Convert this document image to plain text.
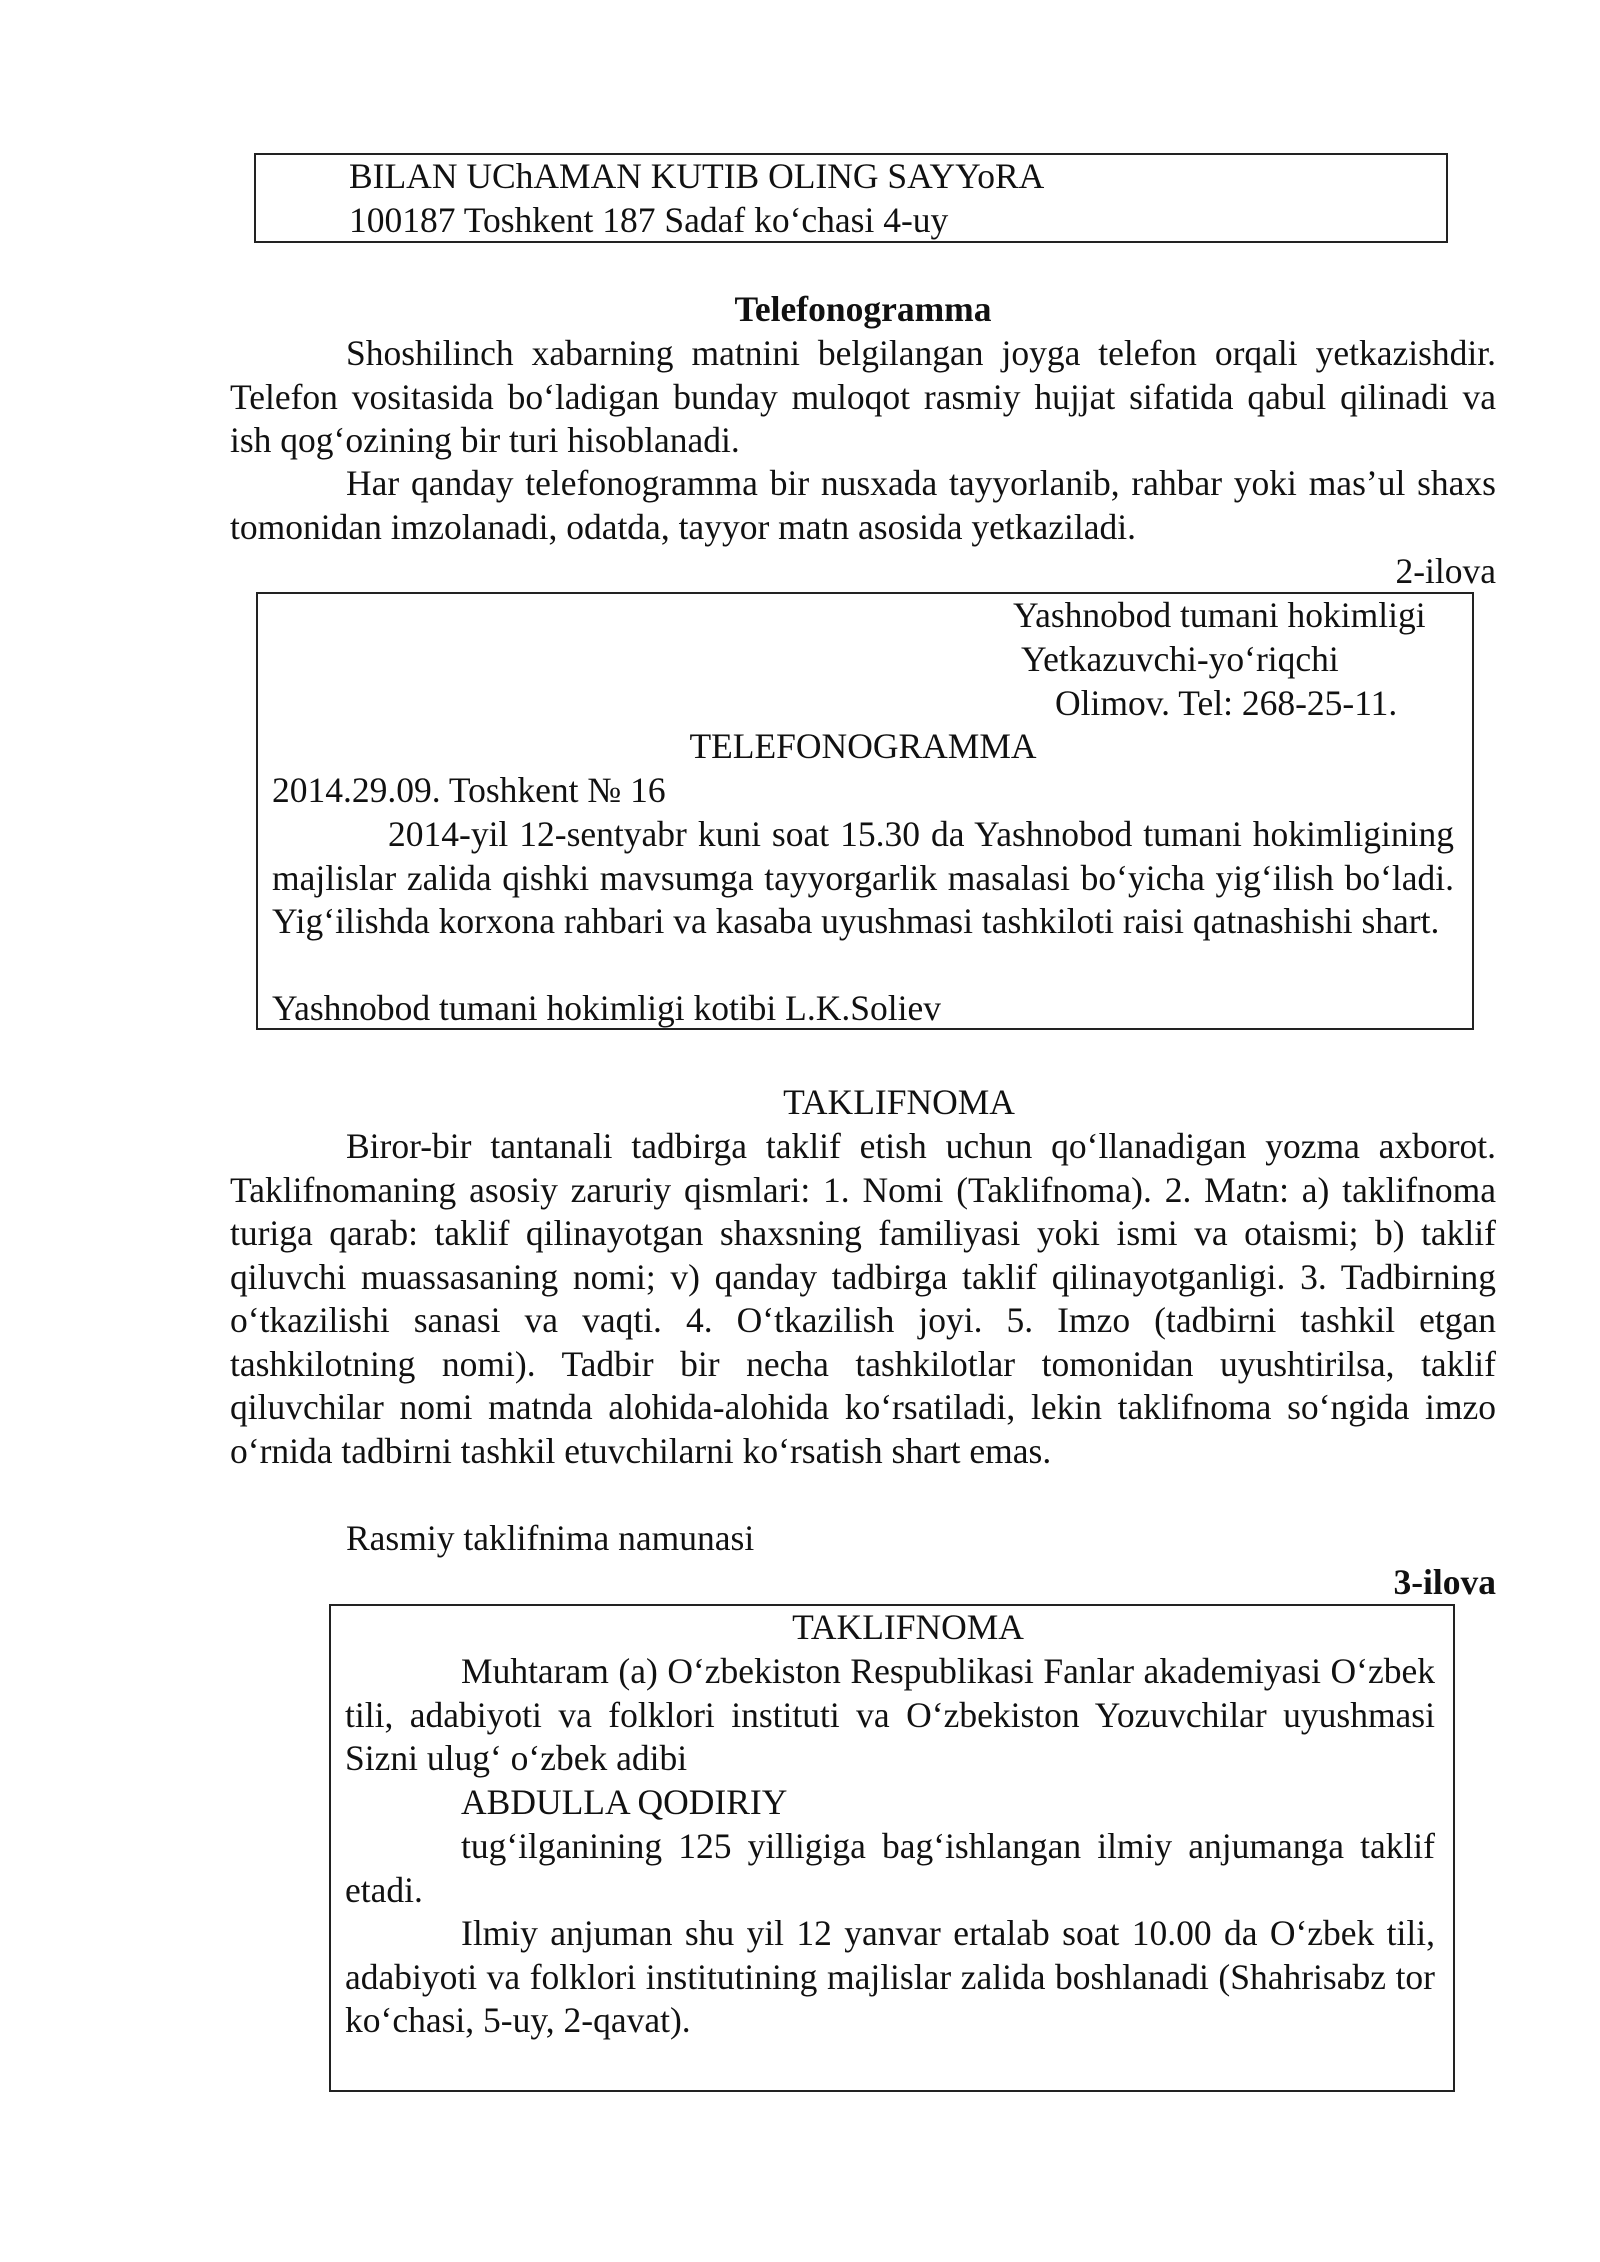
BILAN UChAMAN KUTIB OLING SAYYoRA
100187 Toshkent 187 Sadaf ko‘chasi 4-uy
Telefonogramma

Shoshilinch xabarning matnini belgilangan joyga telefon orqali yetkazishdir. Telefon vositasida bo‘ladigan bunday muloqot rasmiy hujjat sifatida qabul qilinadi va ish qog‘ozining bir turi hisoblanadi.

Har qanday telefonogramma bir nusxada tayyorlanib, rahbar yoki mas’ul shaxs tomonidan imzolanadi, odatda, tayyor matn asosida yetkaziladi.

2-ilova
Yashnobod tumani hokimligi
Yetkazuvchi-yo‘riqchi
Olimov. Tel: 268-25-11.
TELEFONOGRAMMA
2014.29.09. Toshkent № 16

2014-yil 12-sentyabr kuni soat 15.30 da Yashnobod tumani hokimligining majlislar zalida qishki mavsumga tayyorgarlik masalasi bo‘yicha yig‘ilish bo‘ladi. Yig‘ilishda korxona rahbari va kasaba uyushmasi tashkiloti raisi qatnashishi shart.

Yashnobod tumani hokimligi kotibi L.K.Soliev
TAKLIFNOMA

Biror-bir tantanali tadbirga taklif etish uchun qo‘llanadigan yozma axborot. Taklifnomaning asosiy zaruriy qismlari: 1. Nomi (Taklifnoma). 2. Matn: a) taklifnoma turiga qarab: taklif qilinayotgan shaxsning familiyasi yoki ismi va otaismi; b) taklif qiluvchi muassasaning nomi; v) qanday tadbirga taklif qilinayotganligi. 3. Tadbirning o‘tkazilishi sanasi va vaqti. 4. O‘tkazilish joyi. 5. Imzo (tadbirni tashkil etgan tashkilotning nomi). Tadbir bir necha tashkilotlar tomonidan uyushtirilsa, taklif qiluvchilar nomi matnda alohida-alohida ko‘rsatiladi, lekin taklifnoma so‘ngida imzo o‘rnida tadbirni tashkil etuvchilarni ko‘rsatish shart emas.

Rasmiy taklifnima namunasi

3-ilova
TAKLIFNOMA

Muhtaram (a) O‘zbekiston Respublikasi Fanlar akademiyasi O‘zbek tili, adabiyoti va folklori instituti va O‘zbekiston Yozuvchilar uyushmasi Sizni ulug‘ o‘zbek adibi

ABDULLA QODIRIY

tug‘ilganining 125 yilligiga bag‘ishlangan ilmiy anjumanga taklif etadi.

Ilmiy anjuman shu yil 12 yanvar ertalab soat 10.00 da O‘zbek tili, adabiyoti va folklori institutining majlislar zalida boshlanadi (Shahrisabz tor ko‘chasi, 5-uy, 2-qavat).
